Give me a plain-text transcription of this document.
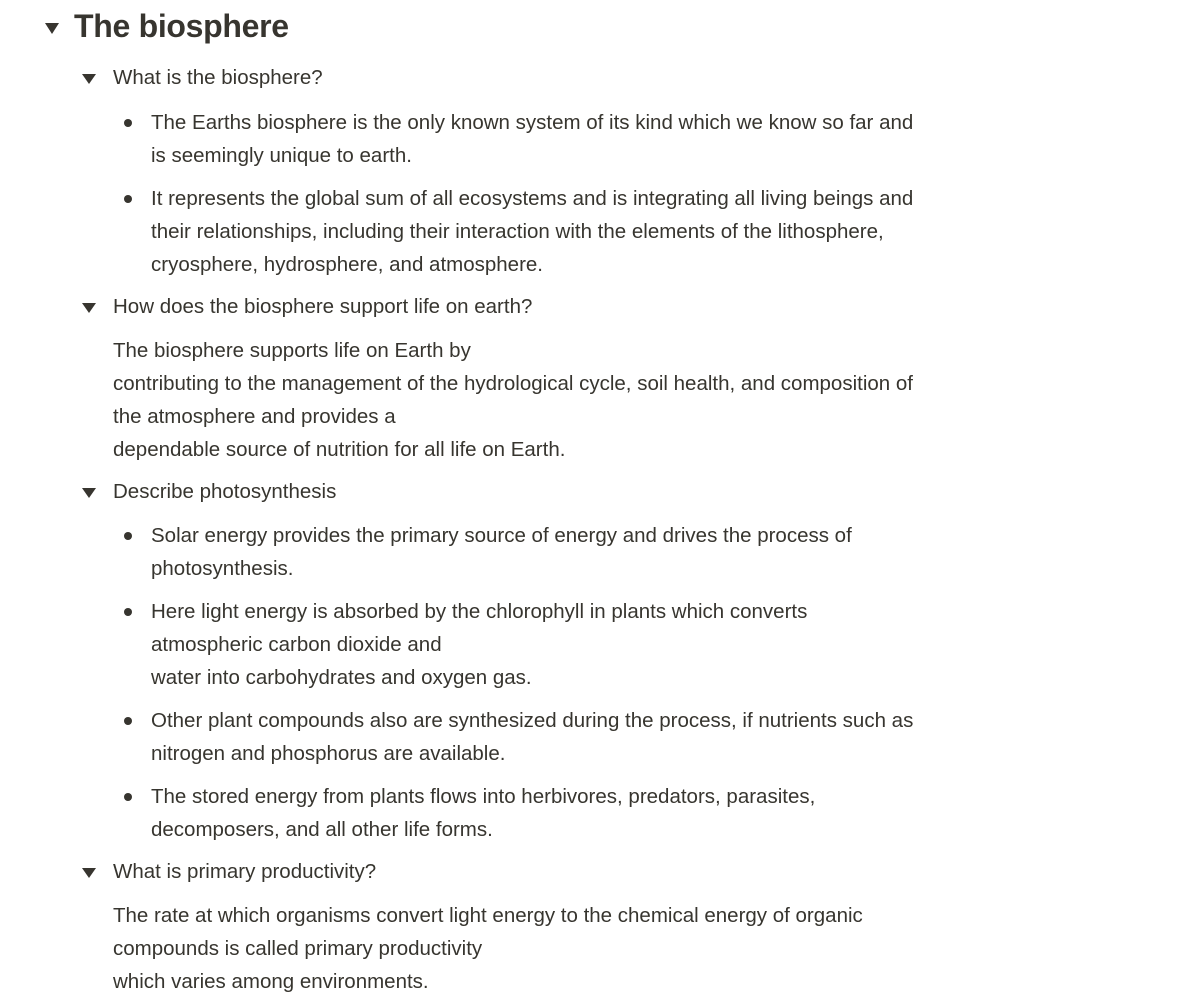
The biosphere
What is the biosphere?
The Earths biosphere is the only known system of its kind which we know so far and
is seemingly unique to earth.
It represents the global sum of all ecosystems and is integrating all living beings and
their relationships, including their interaction with the elements of the lithosphere,
cryosphere, hydrosphere, and atmosphere.
How does the biosphere support life on earth?
The biosphere supports life on Earth by
contributing to the management of the hydrological cycle, soil health, and composition of
the atmosphere and provides a
dependable source of nutrition for all life on Earth.
Describe photosynthesis
Solar energy provides the primary source of energy and drives the process of
photosynthesis.
Here light energy is absorbed by the chlorophyll in plants which converts
atmospheric carbon dioxide and
water into carbohydrates and oxygen gas.
Other plant compounds also are synthesized during the process, if nutrients such as
nitrogen and phosphorus are available.
The stored energy from plants flows into herbivores, predators, parasites,
decomposers, and all other life forms.
What is primary productivity?
The rate at which organisms convert light energy to the chemical energy of organic
compounds is called primary productivity
which varies among environments.
